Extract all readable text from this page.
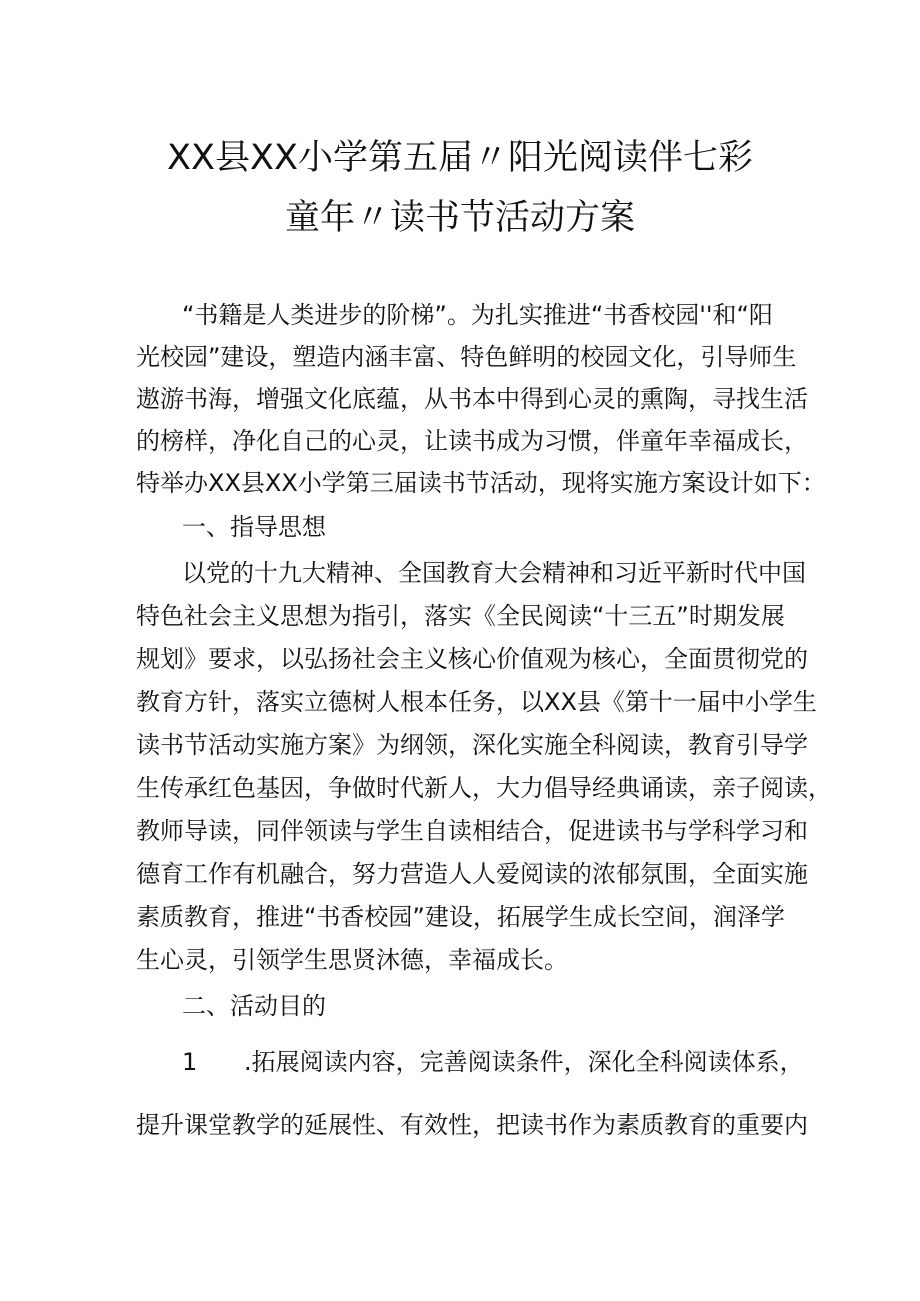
XX县XX小学第五届〃阳光阅读伴七彩
童年〃读书节活动方案
“书籍是人类进步的阶梯”。为扎实推进“书香校园''和“阳
光校园”建设，塑造内涵丰富、特色鲜明的校园文化，引导师生
遨游书海，增强文化底蕴，从书本中得到心灵的熏陶，寻找生活
的榜样，净化自己的心灵，让读书成为习惯，伴童年幸福成长，
特举办XX县XX小学第三届读书节活动，现将实施方案设计如下：
一、指导思想
以党的十九大精神、全国教育大会精神和习近平新时代中国
特色社会主义思想为指引，落实《全民阅读“十三五”时期发展
规划》要求，以弘扬社会主义核心价值观为核心，全面贯彻党的
教育方针，落实立德树人根本任务，以XX县《第十一届中小学生
读书节活动实施方案》为纲领，深化实施全科阅读，教育引导学
生传承红色基因，争做时代新人，大力倡导经典诵读，亲子阅读，
教师导读，同伴领读与学生自读相结合，促进读书与学科学习和
德育工作有机融合，努力营造人人爱阅读的浓郁氛围，全面实施
素质教育，推进“书香校园”建设，拓展学生成长空间，润泽学
生心灵，引领学生思贤沐德，幸福成长。
二、活动目的
1 .拓展阅读内容，完善阅读条件，深化全科阅读体系，
提升课堂教学的延展性、有效性，把读书作为素质教育的重要内
